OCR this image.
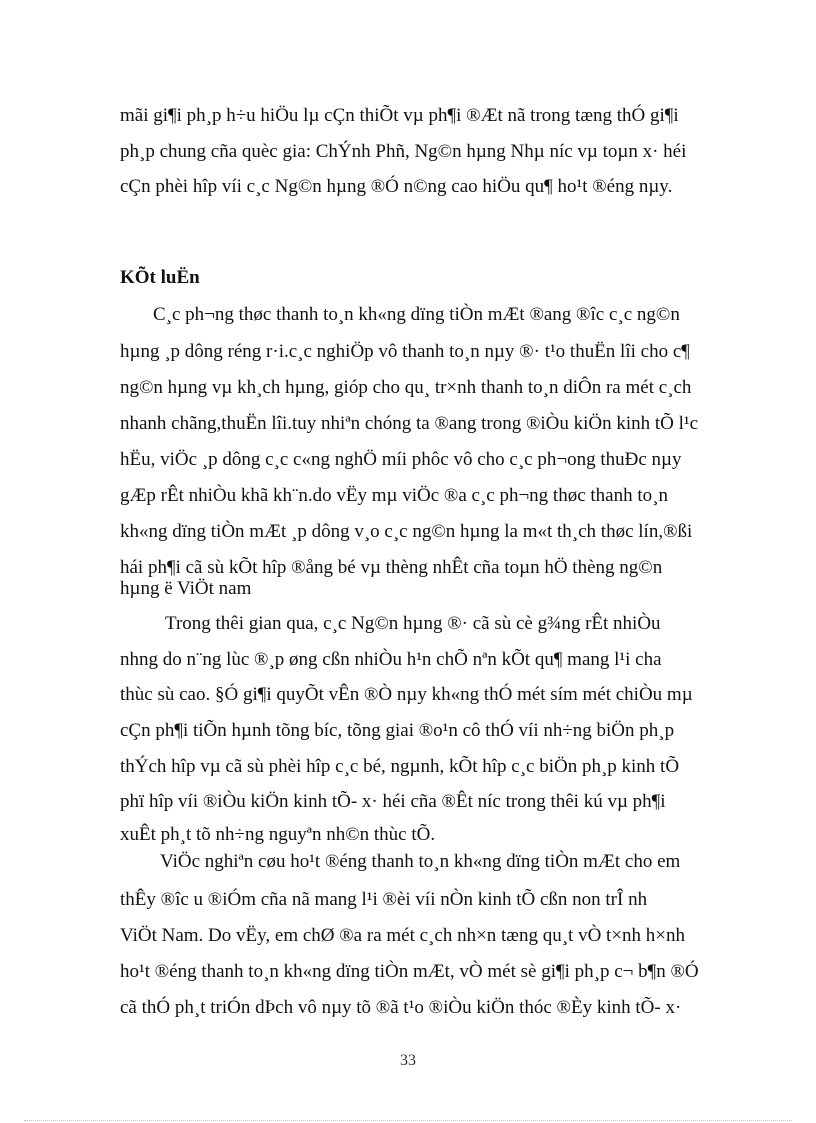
mãi gi¶i ph¸p h÷u hiÖu lµ cÇn thiÕt vµ ph¶i ®Æt nã trong tæng thÓ gi¶i
ph¸p chung cña quèc gia: ChÝnh Phñ, Ng©n hµng Nhµ níc vµ toµn x· héi
cÇn phèi hîp víi c¸c Ng©n hµng ®Ó n©ng cao hiÖu qu¶ ho¹t ®éng nµy.
KÕt luËn
C¸c ph¬ng thøc thanh to¸n kh«ng dïng tiÒn mÆt ®ang ®îc c¸c ng©n
hµng ¸p dông réng r·i.c¸c nghiÖp vô thanh to¸n nµy ®· t¹o thuËn lîi cho c¶
ng©n hµng vµ kh¸ch hµng, gióp cho qu¸ tr×nh thanh to¸n diÔn ra mét c¸ch
nhanh chãng,thuËn lîi.tuy nhiªn chóng ta ®ang trong ®iÒu kiÖn kinh tÕ l¹c
hËu, viÖc ¸p dông c¸c c«ng nghÖ míi phôc vô cho c¸c ph¬ong thuÐc nµy
gÆp rÊt nhiÒu khã kh¨n.do vËy mµ viÖc ®a c¸c ph¬ng thøc thanh to¸n
kh«ng dïng tiÒn mÆt ¸p dông v¸o c¸c ng©n hµng la m«t th¸ch thøc lín,®ßi
hái ph¶i cã sù kÕt hîp ®ång bé vµ thèng nhÊt cña toµn hÖ thèng ng©n
hµng ë ViÖt nam
Trong thêi gian qua, c¸c Ng©n hµng ®· cã sù cè g¾ng rÊt nhiÒu
nhng do n¨ng lùc ®¸p øng cßn nhiÒu h¹n chÕ nªn kÕt qu¶ mang l¹i cha
thùc sù cao. §Ó gi¶i quyÕt vÊn ®Ò nµy kh«ng thÓ mét sím mét chiÒu mµ
cÇn ph¶i tiÕn hµnh tõng bíc, tõng giai ®o¹n cô thÓ víi nh÷ng biÖn ph¸p
thÝch hîp vµ cã sù phèi hîp c¸c bé, ngµnh, kÕt hîp c¸c biÖn ph¸p kinh tÕ
phï hîp víi ®iÒu kiÖn kinh tÕ- x· héi cña ®Êt níc trong thêi kú vµ ph¶i
xuÊt ph¸t tõ nh÷ng nguyªn nh©n thùc tÕ.
ViÖc nghiªn cøu ho¹t ®éng thanh to¸n kh«ng dïng tiÒn mÆt cho em
thÊy ®îc u ®iÓm cña nã mang l¹i ®èi víi nÒn kinh tÕ cßn non trÎ nh
ViÖt Nam. Do vËy, em chØ ®a ra mét c¸ch nh×n tæng qu¸t vÒ t×nh h×nh
ho¹t ®éng thanh to¸n kh«ng dïng tiÒn mÆt, vÒ mét sè gi¶i ph¸p c¬ b¶n ®Ó
cã thÓ ph¸t triÓn dÞch vô nµy tõ ®ã t¹o ®iÒu kiÖn thóc ®Èy kinh tÕ- x·
33
